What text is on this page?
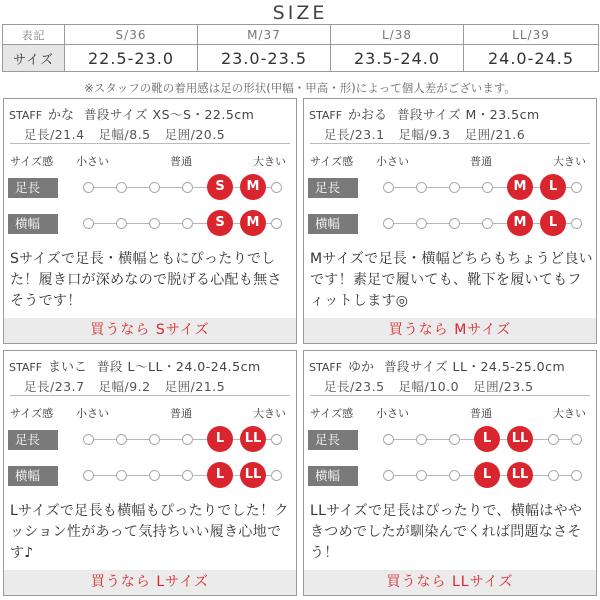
SIZE
表記	S/36	M/37	L/38	LL/39
サイズ	22.5-23.0	23.0-23.5	23.5-24.0	24.0-24.5
※スタッフの靴の着用感は足の形状(甲幅・甲高・形)によって個人差がございます。
STAFF かな 普段サイズ XS〜S・22.5cm
足長/21.4 足幅/8.5 足囲/20.5
サイズ感 小さい	普通	大きい
足長	S	M
横幅	S	M
Sサイズで足長・横幅ともにぴったりでした！履き口が深めなので脱げる心配も無さそうです！
買うなら Sサイズ
STAFF かおる 普段サイズ M・23.5cm
足長/23.1 足幅/9.3 足囲/21.6
サイズ感 小さい	普通	大きい
足長	M	L
横幅	M	L
Mサイズで足長・横幅どちらもちょうど良いです！素足で履いても、靴下を履いてもフィットします◎
買うなら Mサイズ
STAFF まいこ 普段 L〜LL・24.0-24.5cm
足長/23.7 足幅/9.2 足囲/21.5
サイズ感 小さい	普通	大きい
足長	L	LL
横幅	L	LL
Lサイズで足長も横幅もぴったりでした！クッション性があって気持ちいい履き心地です♪
買うなら Lサイズ
STAFF ゆか 普段サイズ LL・24.5-25.0cm
足長/23.5 足幅/10.0 足囲/23.5
サイズ感 小さい	普通	大きい
足長	L	LL
横幅	L	LL
LLサイズで足長はぴったりで、横幅はややきつめでしたが馴染んでくれば問題なさそう！
買うなら LLサイズ
